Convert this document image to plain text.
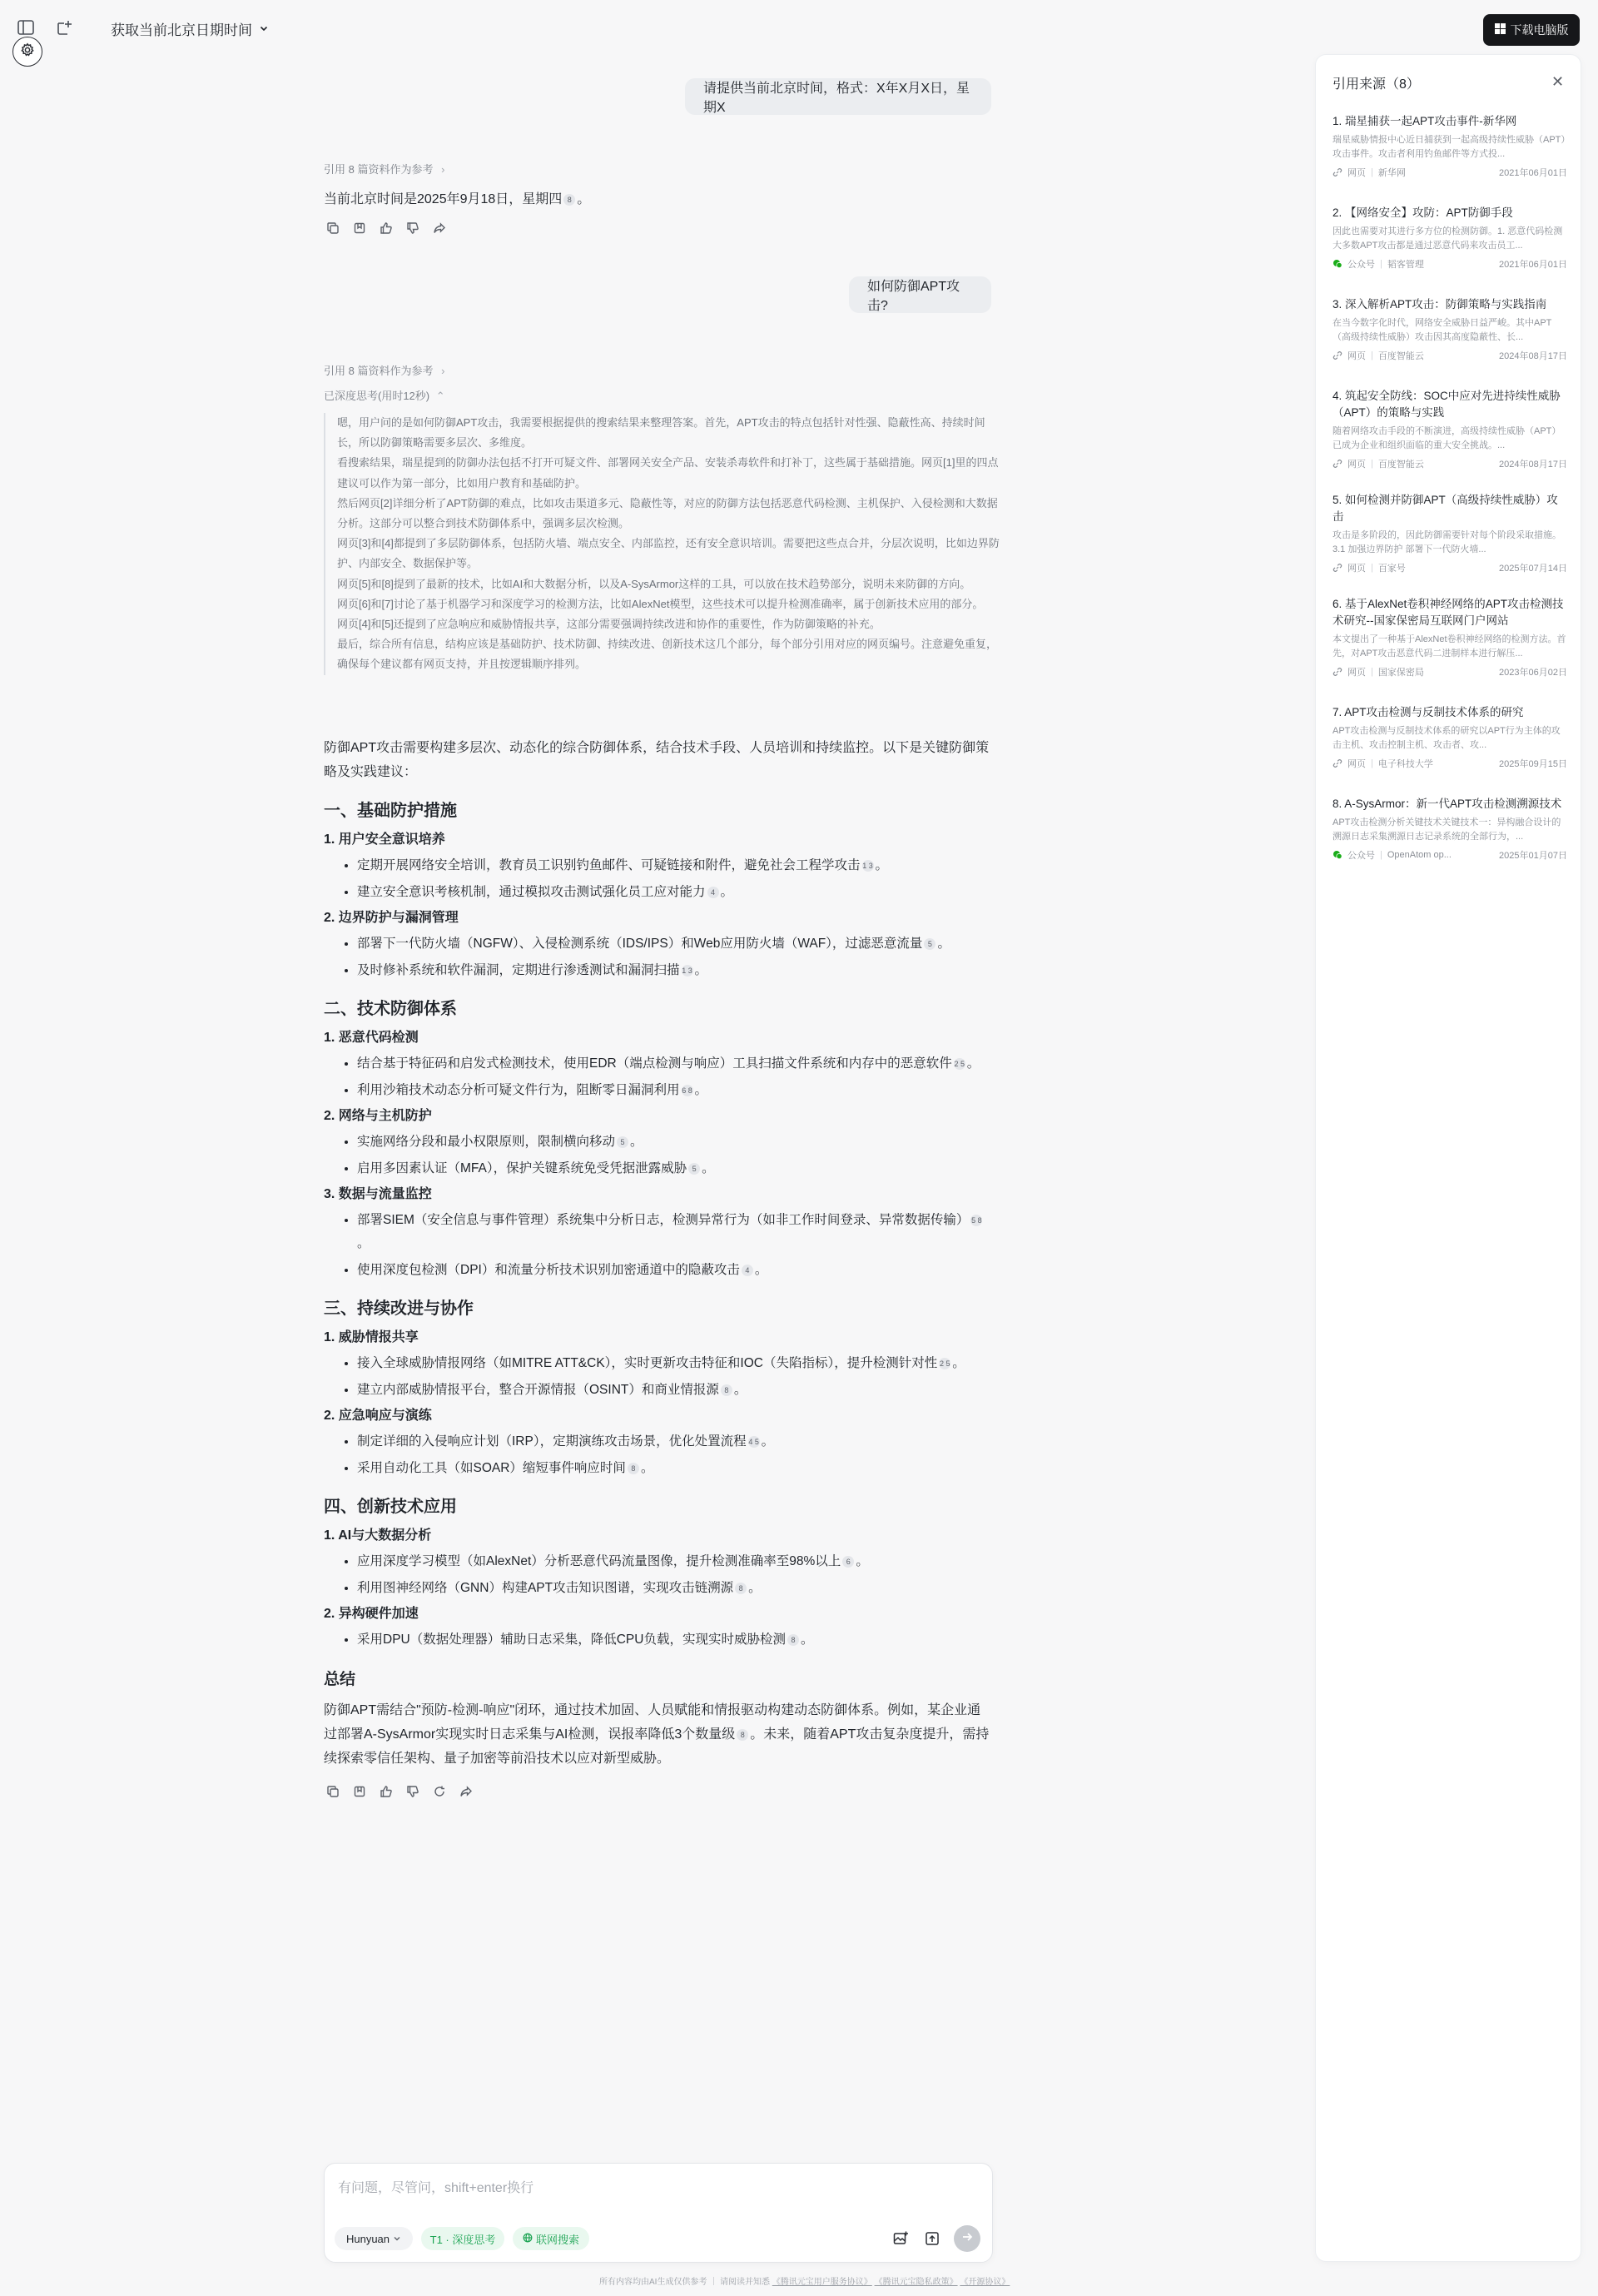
获取当前北京日期时间	下载电脑版
请提供当前北京时间，格式：X年X月X日，星期X
引用 8 篇资料作为参考 ›
当前北京时间是2025年9月18日，星期四 8 。
如何防御APT攻击?
引用 8 篇资料作为参考 ›
已深度思考(用时12秒) ⌃

嗯，用户问的是如何防御APT攻击，我需要根据提供的搜索结果来整理答案。首先，APT攻击的特点包括针对性强、隐蔽性高、持续时间长，所以防御策略需要多层次、多维度。

看搜索结果，瑞星提到的防御办法包括不打开可疑文件、部署网关安全产品、安装杀毒软件和打补丁，这些属于基础措施。网页[1]里的四点建议可以作为第一部分，比如用户教育和基础防护。

然后网页[2]详细分析了APT防御的难点，比如攻击渠道多元、隐蔽性等，对应的防御方法包括恶意代码检测、主机保护、入侵检测和大数据分析。这部分可以整合到技术防御体系中，强调多层次检测。

网页[3]和[4]都提到了多层防御体系，包括防火墙、端点安全、内部监控，还有安全意识培训。需要把这些点合并，分层次说明，比如边界防护、内部安全、数据保护等。

网页[5]和[8]提到了最新的技术，比如AI和大数据分析，以及A-SysArmor这样的工具，可以放在技术趋势部分，说明未来防御的方向。

网页[6]和[7]讨论了基于机器学习和深度学习的检测方法，比如AlexNet模型，这些技术可以提升检测准确率，属于创新技术应用的部分。

网页[4]和[5]还提到了应急响应和威胁情报共享，这部分需要强调持续改进和协作的重要性，作为防御策略的补充。

最后，综合所有信息，结构应该是基础防护、技术防御、持续改进、创新技术这几个部分，每个部分引用对应的网页编号。注意避免重复，确保每个建议都有网页支持，并且按逻辑顺序排列。

防御APT攻击需要构建多层次、动态化的综合防御体系，结合技术手段、人员培训和持续监控。以下是关键防御策略及实践建议：

一、基础防护措施
1. 用户安全意识培养
• 定期开展网络安全培训，教育员工识别钓鱼邮件、可疑链接和附件，避免社会工程学攻击 1 3 。
• 建立安全意识考核机制，通过模拟攻击测试强化员工应对能力 4 。
2. 边界防护与漏洞管理
• 部署下一代防火墙（NGFW）、入侵检测系统（IDS/IPS）和Web应用防火墙（WAF），过滤恶意流量 5 。
• 及时修补系统和软件漏洞，定期进行渗透测试和漏洞扫描 1 3 。
二、技术防御体系
1. 恶意代码检测
• 结合基于特征码和启发式检测技术，使用EDR（端点检测与响应）工具扫描文件系统和内存中的恶意软件 2 5 。
• 利用沙箱技术动态分析可疑文件行为，阻断零日漏洞利用 6 8 。
2. 网络与主机防护
• 实施网络分段和最小权限原则，限制横向移动 5 。
• 启用多因素认证（MFA），保护关键系统免受凭据泄露威胁 5 。
3. 数据与流量监控
• 部署SIEM（安全信息与事件管理）系统集中分析日志，检测异常行为（如非工作时间登录、异常数据传输） 5 8。
• 使用深度包检测（DPI）和流量分析技术识别加密通道中的隐蔽攻击 4 。
三、持续改进与协作
1. 威胁情报共享
• 接入全球威胁情报网络（如MITRE ATT&CK），实时更新攻击特征和IOC（失陷指标），提升检测针对性 2 5 。
• 建立内部威胁情报平台，整合开源情报（OSINT）和商业情报源 8 。
2. 应急响应与演练
• 制定详细的入侵响应计划（IRP），定期演练攻击场景，优化处置流程 4 5 。
• 采用自动化工具（如SOAR）缩短事件响应时间 8 。
四、创新技术应用
1. AI与大数据分析
• 应用深度学习模型（如AlexNet）分析恶意代码流量图像，提升检测准确率至98%以上 6 。
• 利用图神经网络（GNN）构建APT攻击知识图谱，实现攻击链溯源 8 。
2. 异构硬件加速
• 采用DPU（数据处理器）辅助日志采集，降低CPU负载，实现实时威胁检测 8 。
总结

防御APT需结合"预防-检测-响应"闭环，通过技术加固、人员赋能和情报驱动构建动态防御体系。例如，某企业通过部署A-SysArmor实现实时日志采集与AI检测，误报率降低3个数量级 8 。未来，随着APT攻击复杂度提升，需持续探索零信任架构、量子加密等前沿技术以应对新型威胁。

有问题，尽管问，shift+enter换行
Hunyuan	T1 · 深度思考	联网搜索
所有内容均由AI生成仅供参考 ｜ 请阅读并知悉 《腾讯元宝用户服务协议》 《腾讯元宝隐私政策》 《开源协议》
引用来源（8）	✕
1. 瑞星捕获一起APT攻击事件-新华网
瑞星威胁情报中心近日捕获到一起高级持续性威胁（APT）攻击事件。攻击者利用钓鱼邮件等方式投...
网页 | 新华网	2021年06月01日
2. 【网络安全】攻防：APT防御手段
因此也需要对其进行多方位的检测防御。1. 恶意代码检测大多数APT攻击都是通过恶意代码来攻击员工...
公众号 | 韬客管理	2021年06月01日
3. 深入解析APT攻击：防御策略与实践指南
在当今数字化时代，网络安全威胁日益严峻。其中APT（高级持续性威胁）攻击因其高度隐蔽性、长...
网页 | 百度智能云	2024年08月17日
4. 筑起安全防线：SOC中应对先进持续性威胁（APT）的策略与实践
随着网络攻击手段的不断演进，高级持续性威胁（APT）已成为企业和组织面临的重大安全挑战。...
网页 | 百度智能云	2024年08月17日
5. 如何检测并防御APT（高级持续性威胁）攻击
攻击是多阶段的，因此防御需要针对每个阶段采取措施。3.1 加强边界防护 部署下一代防火墙...
网页 | 百家号	2025年07月14日
6. 基于AlexNet卷积神经网络的APT攻击检测技术研究--国家保密局互联网门户网站
本文提出了一种基于AlexNet卷积神经网络的检测方法。首先，对APT攻击恶意代码二进制样本进行解压...
网页 | 国家保密局	2023年06月02日
7. APT攻击检测与反制技术体系的研究
APT攻击检测与反制技术体系的研究以APT行为主体的攻击主机、攻击控制主机、攻击者、攻...
网页 | 电子科技大学	2025年09月15日
8. A-SysArmor：新一代APT攻击检测溯源技术
APT攻击检测分析关键技术关键技术一：异构融合设计的溯源日志采集溯源日志记录系统的全部行为，...
公众号 | OpenAtom op...	2025年01月07日
